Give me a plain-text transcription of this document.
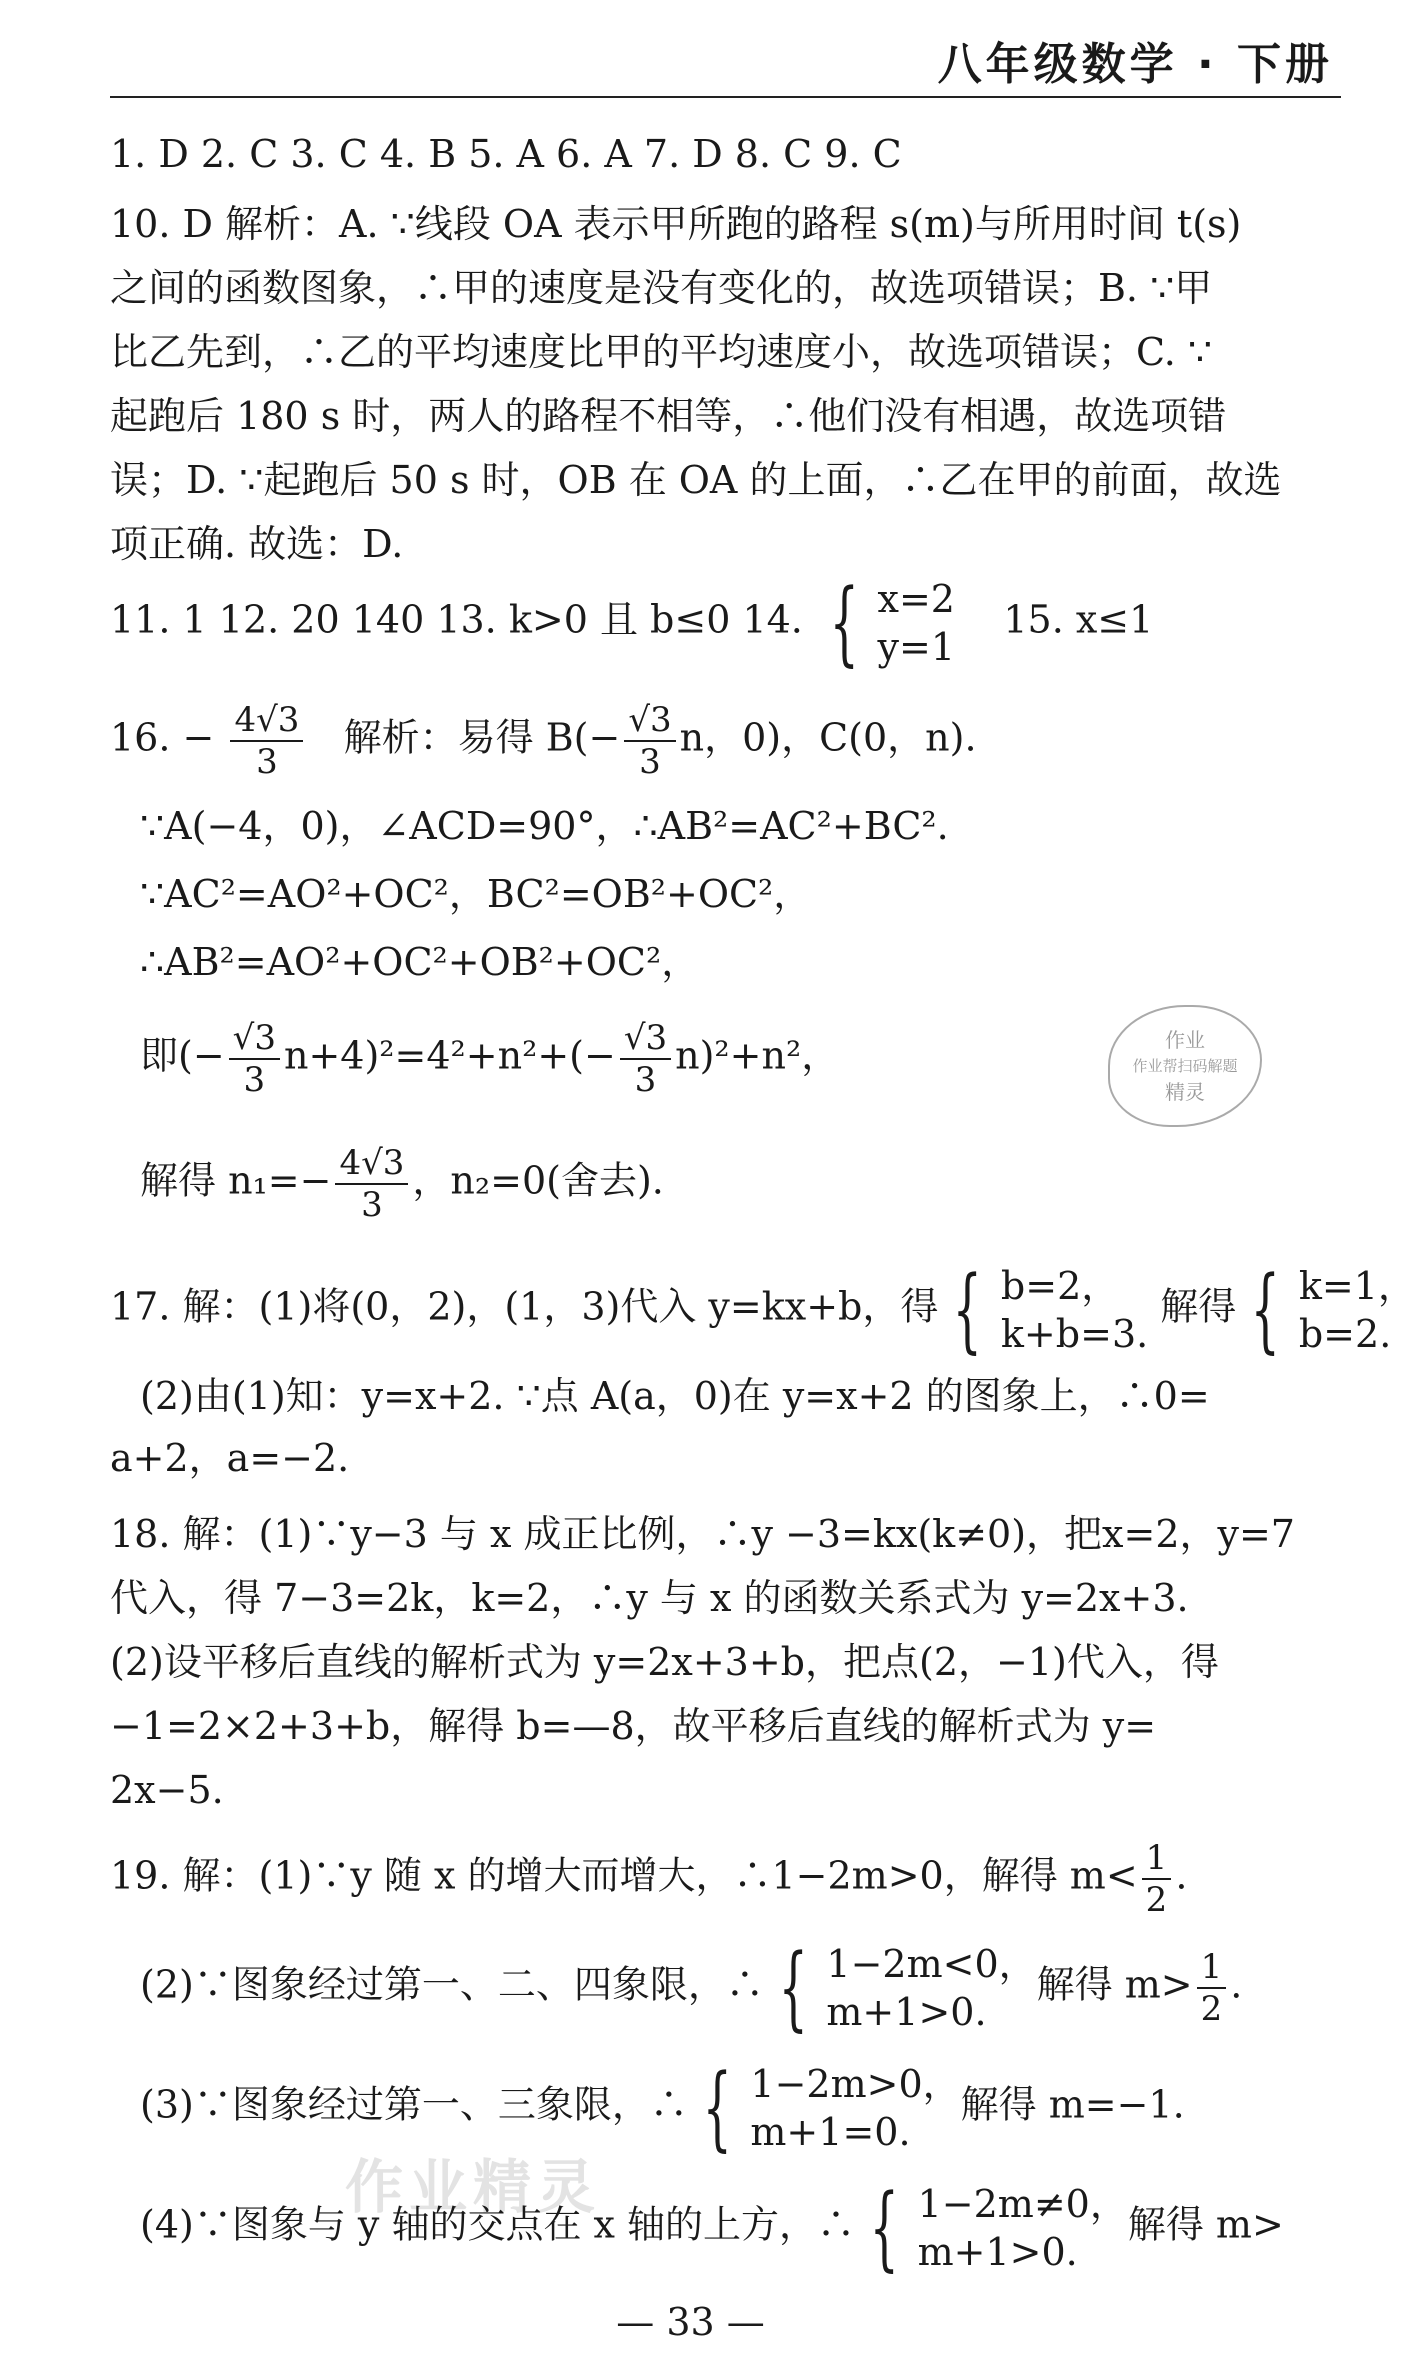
八年级数学 · 下册
1. D 2. C 3. C 4. B 5. A 6. A 7. D 8. C 9. C
10. D 解析：A. ∵线段 OA 表示甲所跑的路程 s(m)与所用时间 t(s)
之间的函数图象，∴甲的速度是没有变化的，故选项错误；B. ∵甲
比乙先到，∴乙的平均速度比甲的平均速度小，故选项错误；C. ∵
起跑后 180 s 时，两人的路程不相等，∴他们没有相遇，故选项错
误；D. ∵起跑后 50 s 时，OB 在 OA 的上面，∴乙在甲的前面，故选
项正确. 故选：D.
11. 1 12. 20 140 13. k>0 且 b≤0 14. { x=2
y=1
15. x≤1
16. − $\frac{4√3}{3}$ 解析：易得 $B(- \frac{√3}{3}$ n，0)，C(0，n).
∵A(−4，0)，∠ACD=90°，∴AB²=AC²+BC².
∵AC²=AO²+OC²，BC²=OB²+OC²，
∴AB²=AO²+OC²+OB²+OC²，
即(− $\frac{√3}{3} n+4)^2=4^2+n^2+(- \frac{√3}{3} n)^2+n^2$，
解得 $n_1=- \frac{4√3}{3}$ ，n₂=0(舍去).
作业
作业帮扫码解题
精灵
17. 解：(1)将(0，2)，(1，3)代入 y=kx+b，得 { b=2，
k+b=3.
解得 { k=1，
b=2.
(2)由(1)知：y=x+2. ∵点 A(a，0)在 y=x+2 的图象上，∴0=
a+2，a=−2.
18. 解：(1)∵y−3 与 x 成正比例，∴y −3=kx(k≠0)，把x=2，y=7
代入，得 7−3=2k，k=2，∴y 与 x 的函数关系式为 y=2x+3.
(2)设平移后直线的解析式为 y=2x+3+b，把点(2，−1)代入，得
−1=2×2+3+b，解得 b=—8，故平移后直线的解析式为 y=
2x−5.
19. 解：(1)∵y 随 x 的增大而增大，∴1−2m>0，解得 $m< \frac{1}{2}$ .
(2)∵图象经过第一、二、四象限，∴ { 1−2m<0，
m+1>0.
解得 $m> \frac{1}{2}$ .
(3)∵图象经过第一、三象限，∴ { 1−2m>0，
m+1=0.
解得 m=−1.
作业精灵
(4)∵图象与 y 轴的交点在 x 轴的上方，∴ { 1−2m≠0，
m+1>0.
解得 m>
— 33 —
